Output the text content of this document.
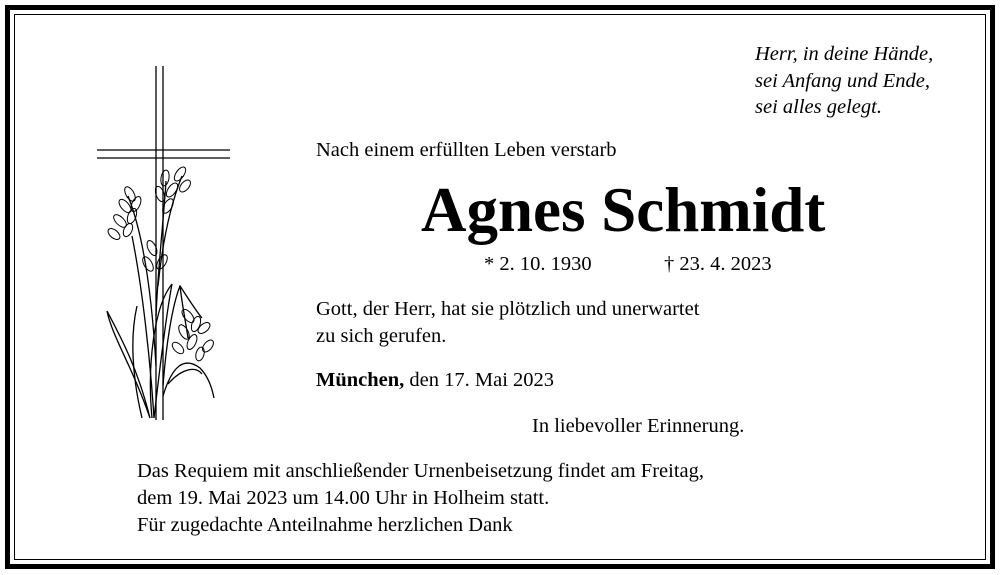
Herr, in deine Hände,
sei Anfang und Ende,
sei alles gelegt.

Nach einem erfüllten Leben verstarb

Agnes Schmidt

* 2. 10. 1930	† 23. 4. 2023

Gott, der Herr, hat sie plötzlich und unerwartet
zu sich gerufen.

München, den 17. Mai 2023

In liebevoller Erinnerung.

Das Requiem mit anschließender Urnenbeisetzung findet am Freitag,
dem 19. Mai 2023 um 14.00 Uhr in Holheim statt.
Für zugedachte Anteilnahme herzlichen Dank
